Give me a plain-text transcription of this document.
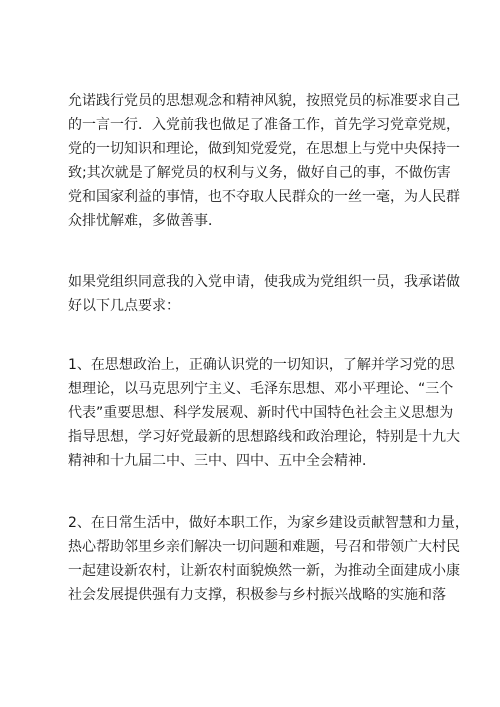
允诺践行党员的思想观念和精神风貌，按照党员的标准要求自己
的一言一行．入党前我也做足了准备工作，首先学习党章党规，
党的一切知识和理论，做到知党爱党，在思想上与党中央保持一
致;其次就是了解党员的权利与义务，做好自己的事，不做伤害
党和国家利益的事情，也不夺取人民群众的一丝一毫，为人民群
众排忧解难，多做善事．

如果党组织同意我的入党申请，使我成为党组织一员，我承诺做
好以下几点要求：

1、在思想政治上，正确认识党的一切知识，了解并学习党的思
想理论，以马克思列宁主义、毛泽东思想、邓小平理论、“三个
代表”重要思想、科学发展观、新时代中国特色社会主义思想为
指导思想，学习好党最新的思想路线和政治理论，特别是十九大
精神和十九届二中、三中、四中、五中全会精神．

2、在日常生活中，做好本职工作，为家乡建设贡献智慧和力量，
热心帮助邻里乡亲们解决一切问题和难题，号召和带领广大村民
一起建设新农村，让新农村面貌焕然一新，为推动全面建成小康
社会发展提供强有力支撑，积极参与乡村振兴战略的实施和落
